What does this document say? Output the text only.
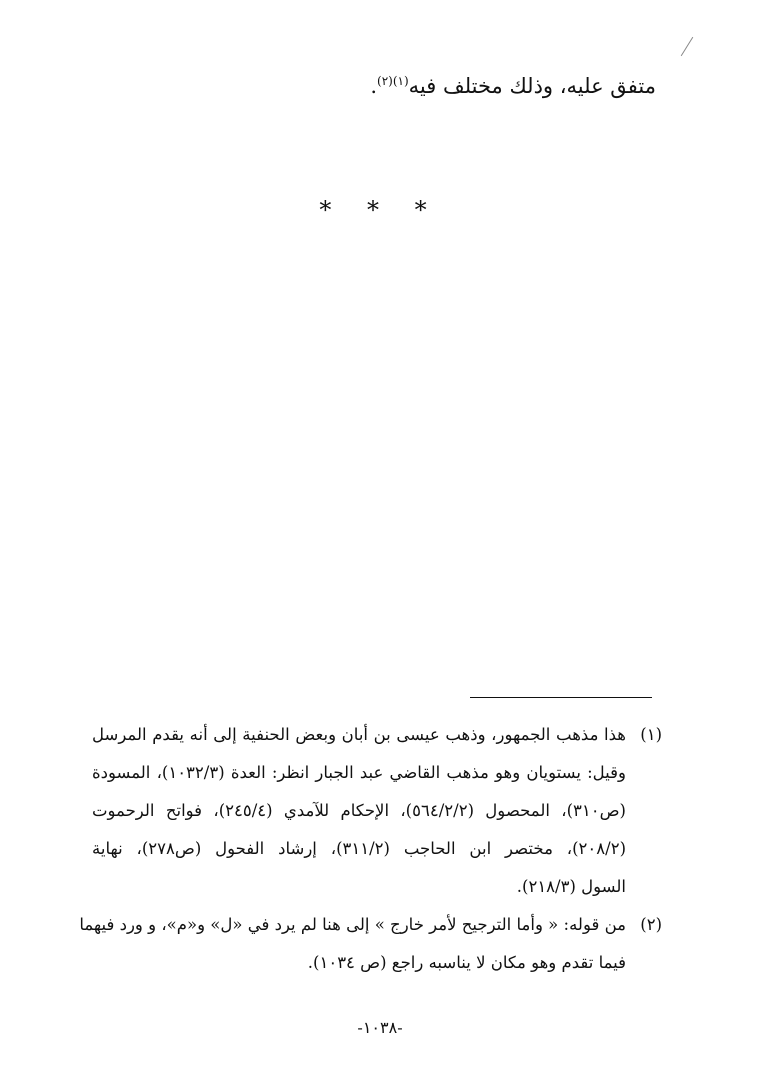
متفق عليه، وذلك مختلف فيه$^{(١)(٢)}$.
* * *
(١)
هذا مذهب الجمهور، وذهب عيسى بن أبان وبعض الحنفية إلى أنه يقدم المرسل
وقيل: يستويان وهو مذهب القاضي عبد الجبار انظر: العدة (١٠٣٢/٣)، المسودة
(ص٣١٠)، المحصول (٥٦٤/٢/٢)، الإحكام للآمدي (٢٤٥/٤)، فواتح الرحموت
(٢٠٨/٢)، مختصر ابن الحاجب (٣١١/٢)، إرشاد الفحول (ص٢٧٨)، نهاية
السول (٢١٨/٣).
(٢)
من قوله: « وأما الترجيح لأمر خارج » إلى هنا لم يرد في «ل» و«م»، و ورد فيهما
فيما تقدم وهو مكان لا يناسبه راجع (ص ١٠٣٤).
-١٠٣٨-
